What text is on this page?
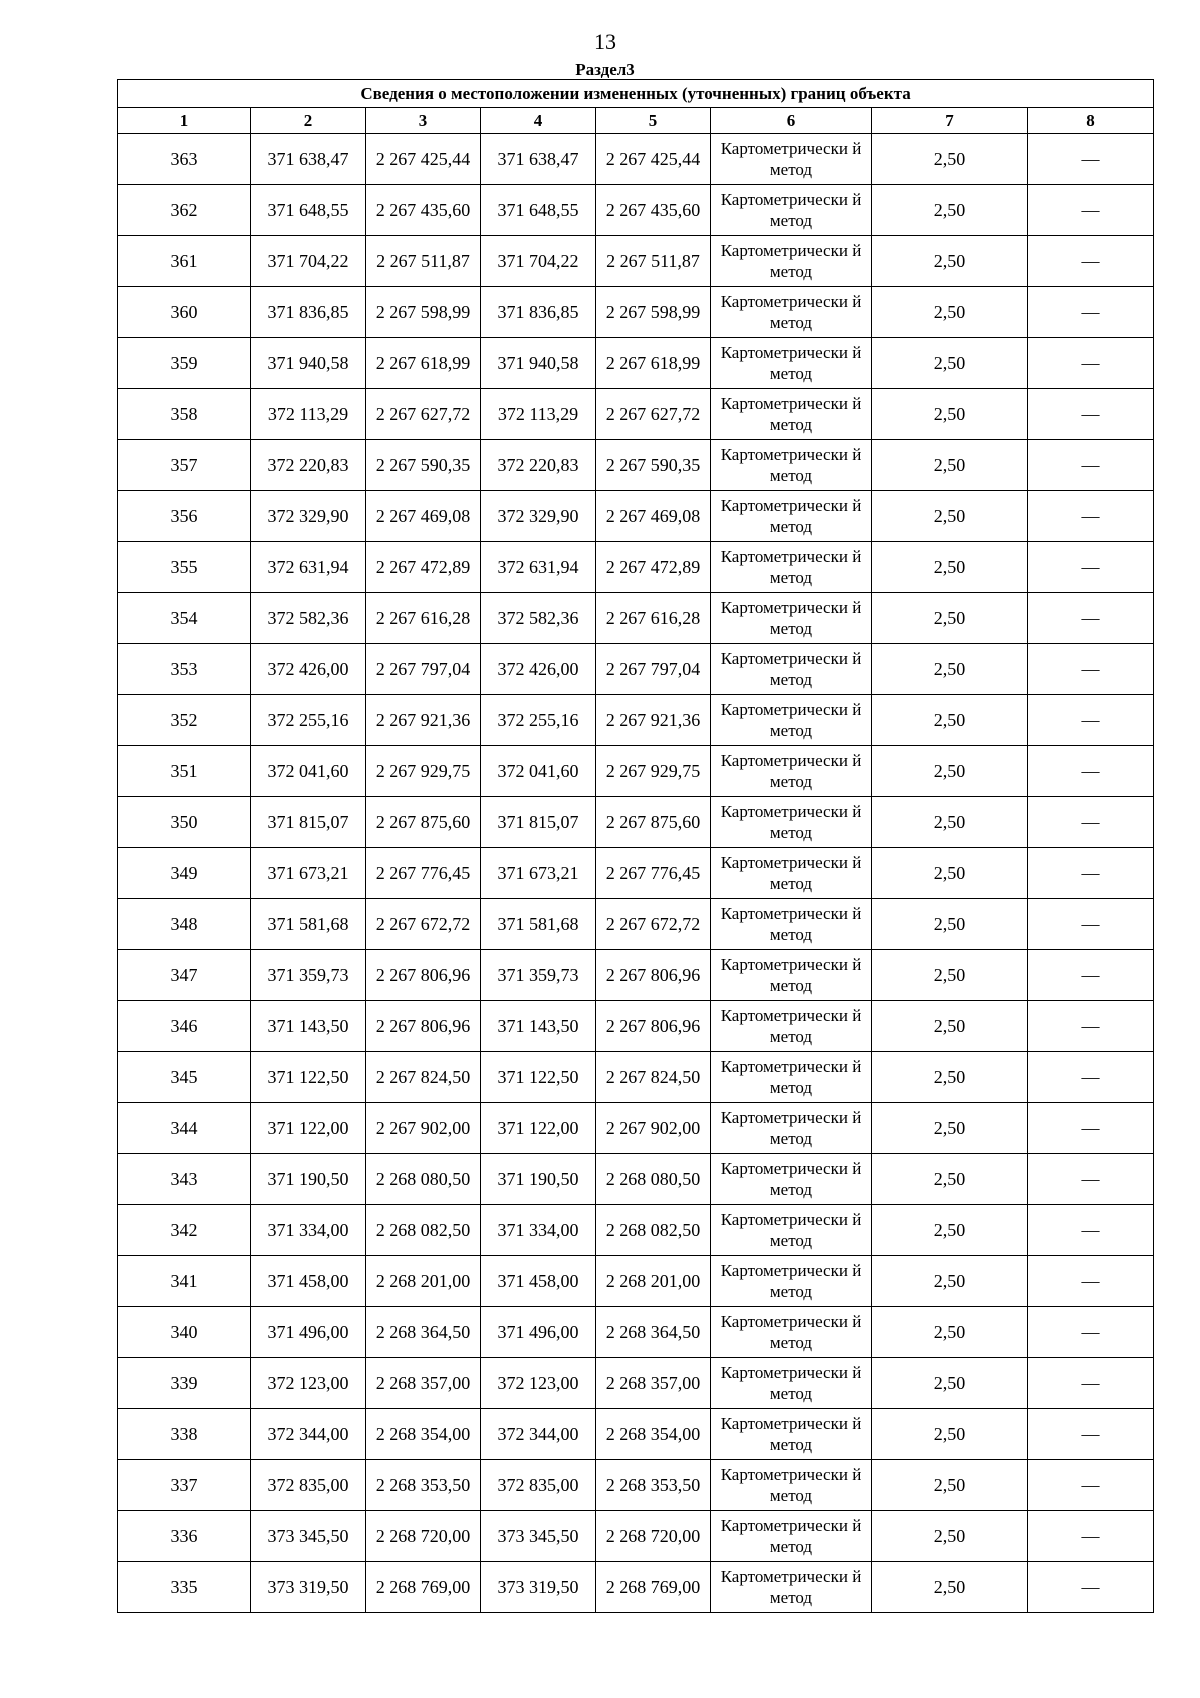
13
Раздел3
Сведения о местоположении измененных (уточненных) границ объекта							
1	2	3	4	5	6	7	8
363	371 638,47	2 267 425,44	371 638,47	2 267 425,44	Картометрически й метод	2,50	—
362	371 648,55	2 267 435,60	371 648,55	2 267 435,60	Картометрически й метод	2,50	—
361	371 704,22	2 267 511,87	371 704,22	2 267 511,87	Картометрически й метод	2,50	—
360	371 836,85	2 267 598,99	371 836,85	2 267 598,99	Картометрически й метод	2,50	—
359	371 940,58	2 267 618,99	371 940,58	2 267 618,99	Картометрически й метод	2,50	—
358	372 113,29	2 267 627,72	372 113,29	2 267 627,72	Картометрически й метод	2,50	—
357	372 220,83	2 267 590,35	372 220,83	2 267 590,35	Картометрически й метод	2,50	—
356	372 329,90	2 267 469,08	372 329,90	2 267 469,08	Картометрически й метод	2,50	—
355	372 631,94	2 267 472,89	372 631,94	2 267 472,89	Картометрически й метод	2,50	—
354	372 582,36	2 267 616,28	372 582,36	2 267 616,28	Картометрически й метод	2,50	—
353	372 426,00	2 267 797,04	372 426,00	2 267 797,04	Картометрически й метод	2,50	—
352	372 255,16	2 267 921,36	372 255,16	2 267 921,36	Картометрически й метод	2,50	—
351	372 041,60	2 267 929,75	372 041,60	2 267 929,75	Картометрически й метод	2,50	—
350	371 815,07	2 267 875,60	371 815,07	2 267 875,60	Картометрически й метод	2,50	—
349	371 673,21	2 267 776,45	371 673,21	2 267 776,45	Картометрически й метод	2,50	—
348	371 581,68	2 267 672,72	371 581,68	2 267 672,72	Картометрически й метод	2,50	—
347	371 359,73	2 267 806,96	371 359,73	2 267 806,96	Картометрически й метод	2,50	—
346	371 143,50	2 267 806,96	371 143,50	2 267 806,96	Картометрически й метод	2,50	—
345	371 122,50	2 267 824,50	371 122,50	2 267 824,50	Картометрически й метод	2,50	—
344	371 122,00	2 267 902,00	371 122,00	2 267 902,00	Картометрически й метод	2,50	—
343	371 190,50	2 268 080,50	371 190,50	2 268 080,50	Картометрически й метод	2,50	—
342	371 334,00	2 268 082,50	371 334,00	2 268 082,50	Картометрически й метод	2,50	—
341	371 458,00	2 268 201,00	371 458,00	2 268 201,00	Картометрически й метод	2,50	—
340	371 496,00	2 268 364,50	371 496,00	2 268 364,50	Картометрически й метод	2,50	—
339	372 123,00	2 268 357,00	372 123,00	2 268 357,00	Картометрически й метод	2,50	—
338	372 344,00	2 268 354,00	372 344,00	2 268 354,00	Картометрически й метод	2,50	—
337	372 835,00	2 268 353,50	372 835,00	2 268 353,50	Картометрически й метод	2,50	—
336	373 345,50	2 268 720,00	373 345,50	2 268 720,00	Картометрически й метод	2,50	—
335	373 319,50	2 268 769,00	373 319,50	2 268 769,00	Картометрически й метод	2,50	—
